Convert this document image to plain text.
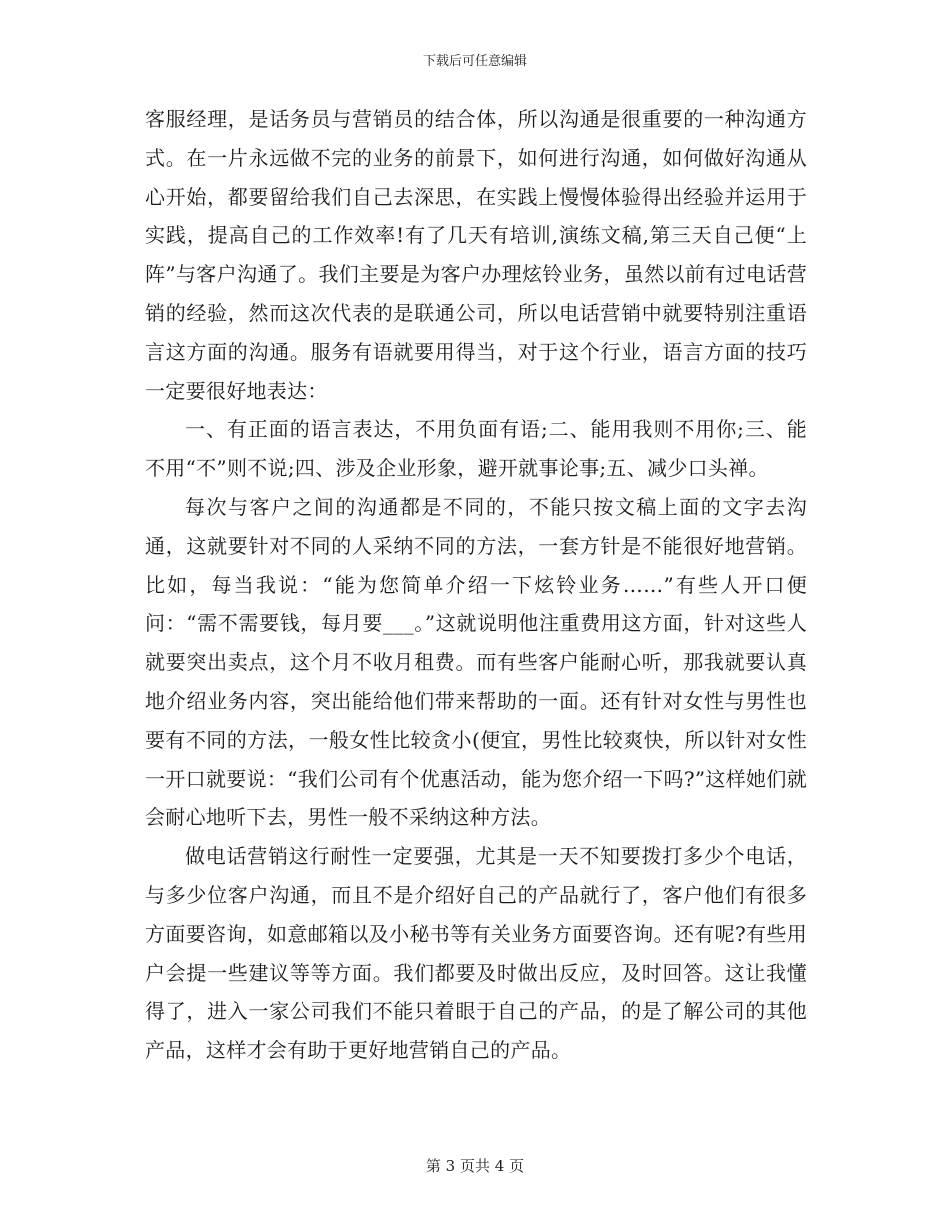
下载后可任意编辑

客服经理，是话务员与营销员的结合体，所以沟通是很重要的一种沟通方式。在一片永远做不完的业务的前景下，如何进行沟通，如何做好沟通从心开始，都要留给我们自己去深思，在实践上慢慢体验得出经验并运用于实践，提高自己的工作效率!有了几天有培训,演练文稿,第三天自己便“上阵”与客户沟通了。我们主要是为客户办理炫铃业务，虽然以前有过电话营销的经验，然而这次代表的是联通公司，所以电话营销中就要特别注重语言这方面的沟通。服务有语就要用得当，对于这个行业，语言方面的技巧一定要很好地表达：

一、有正面的语言表达，不用负面有语;二、能用我则不用你;三、能不用“不”则不说;四、涉及企业形象，避开就事论事;五、减少口头禅。

每次与客户之间的沟通都是不同的，不能只按文稿上面的文字去沟通，这就要针对不同的人采纳不同的方法，一套方针是不能很好地营销。比如，每当我说：“能为您简单介绍一下炫铃业务……”有些人开口便问：“需不需要钱，每月要___。”这就说明他注重费用这方面，针对这些人就要突出卖点，这个月不收月租费。而有些客户能耐心听，那我就要认真地介绍业务内容，突出能给他们带来帮助的一面。还有针对女性与男性也要有不同的方法，一般女性比较贪小(便宜，男性比较爽快，所以针对女性一开口就要说：“我们公司有个优惠活动，能为您介绍一下吗?”这样她们就会耐心地听下去，男性一般不采纳这种方法。

做电话营销这行耐性一定要强，尤其是一天不知要拨打多少个电话，与多少位客户沟通，而且不是介绍好自己的产品就行了，客户他们有很多方面要咨询，如意邮箱以及小秘书等有关业务方面要咨询。还有呢?有些用户会提一些建议等等方面。我们都要及时做出反应，及时回答。这让我懂得了，进入一家公司我们不能只着眼于自己的产品，的是了解公司的其他产品，这样才会有助于更好地营销自己的产品。

第 3 页共 4 页
